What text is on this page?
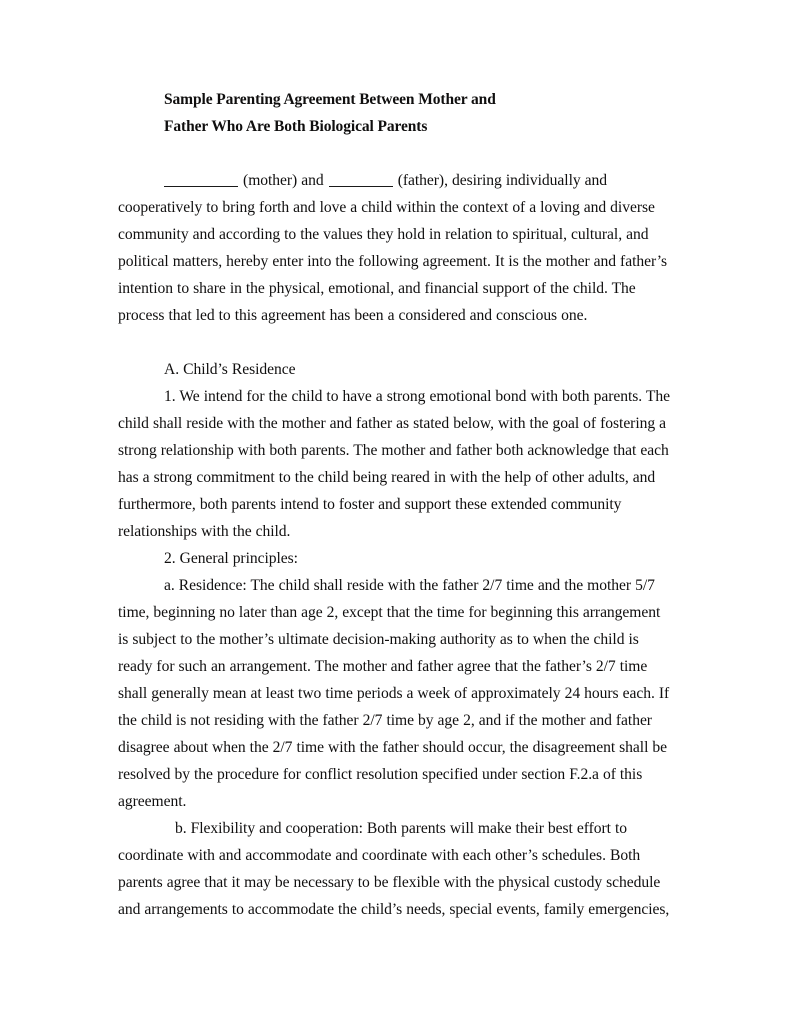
Sample Parenting Agreement Between Mother and
Father Who Are Both Biological Parents

(mother) and	(father), desiring individually and cooperatively to bring forth and love a child within the context of a loving and diverse community and according to the values they hold in relation to spiritual, cultural, and political matters, hereby enter into the following agreement. It is the mother and father’s intention to share in the physical, emotional, and financial support of the child. The process that led to this agreement has been a considered and conscious one.

A. Child’s Residence

1. We intend for the child to have a strong emotional bond with both parents. The child shall reside with the mother and father as stated below, with the goal of fostering a strong relationship with both parents. The mother and father both acknowledge that each has a strong commitment to the child being reared in with the help of other adults, and furthermore, both parents intend to foster and support these extended community relationships with the child.

2. General principles:

a. Residence: The child shall reside with the father 2/7 time and the mother 5/7 time, beginning no later than age 2, except that the time for beginning this arrangement is subject to the mother’s ultimate decision-making authority as to when the child is ready for such an arrangement. The mother and father agree that the father’s 2/7 time shall generally mean at least two time periods a week of approximately 24 hours each. If the child is not residing with the father 2/7 time by age 2, and if the mother and father disagree about when the 2/7 time with the father should occur, the disagreement shall be resolved by the procedure for conflict resolution specified under section F.2.a of this agreement.

b. Flexibility and cooperation: Both parents will make their best effort to coordinate with and accommodate and coordinate with each other’s schedules. Both parents agree that it may be necessary to be flexible with the physical custody schedule and arrangements to accommodate the child’s needs, special events, family emergencies,
